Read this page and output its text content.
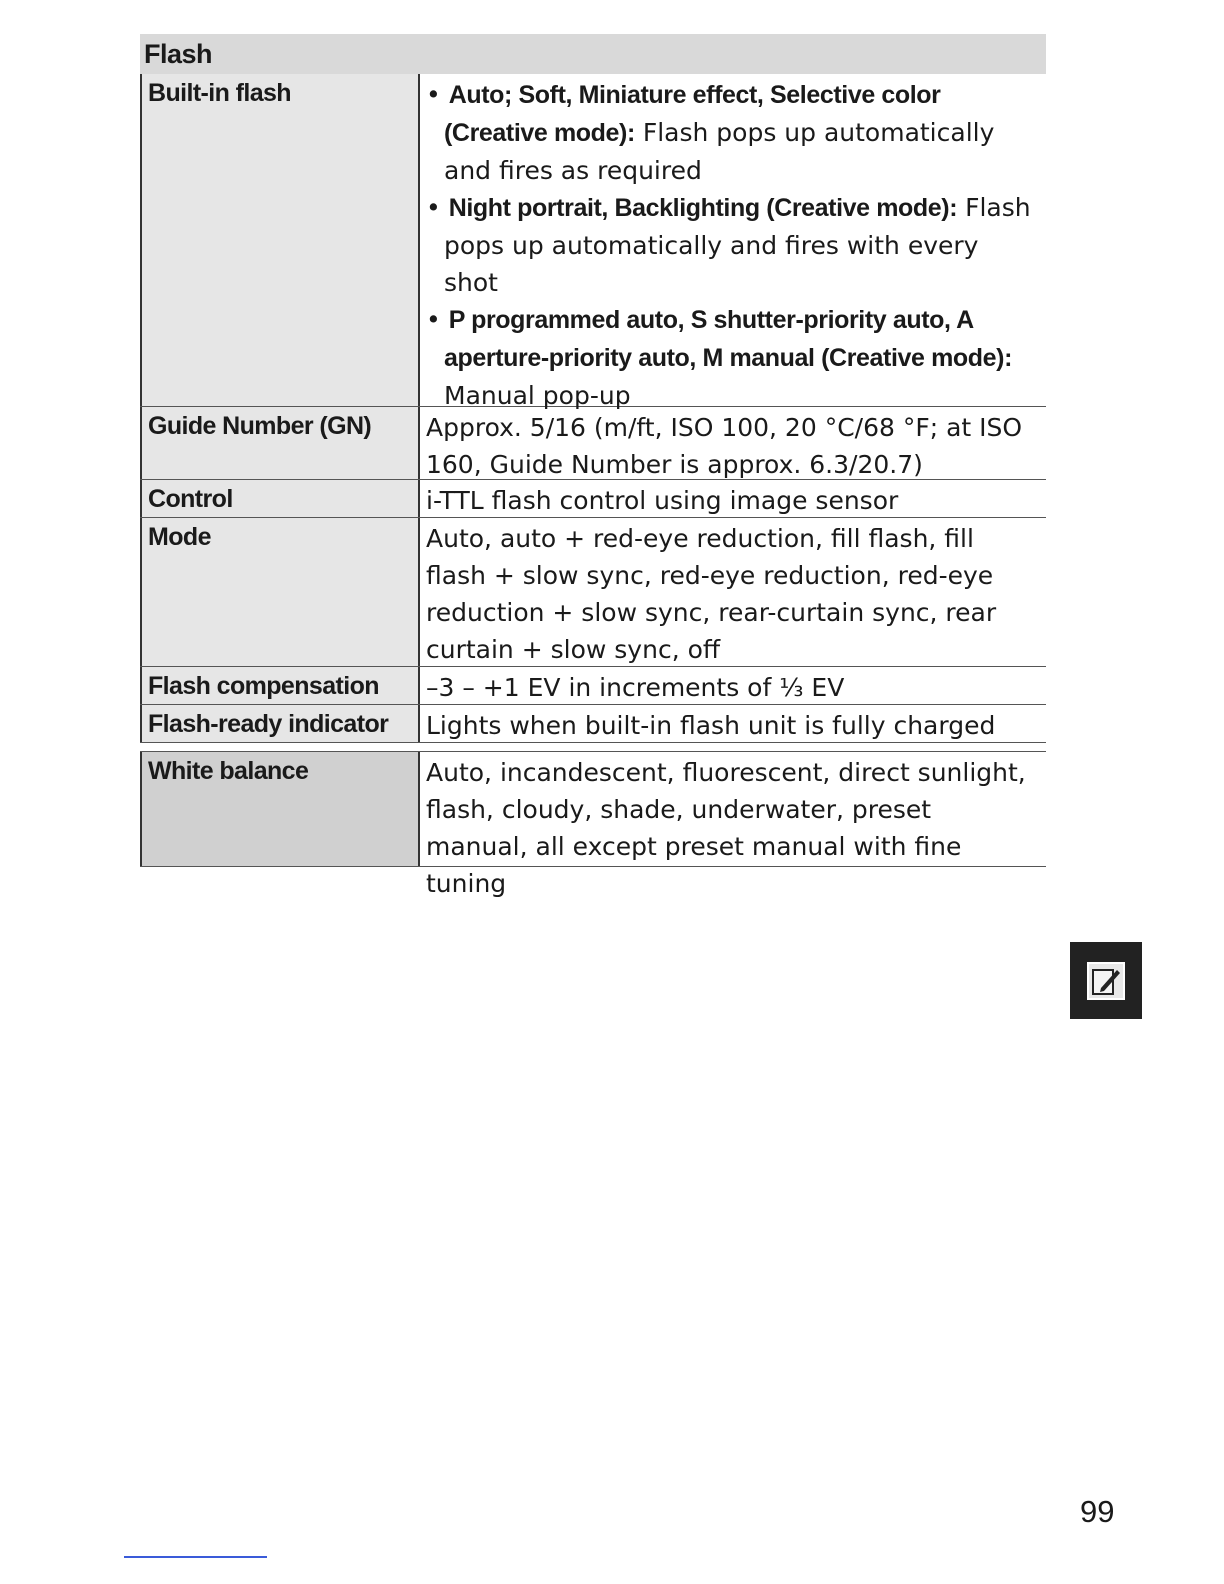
Flash
Built-in flash	• Auto; Soft, Miniature effect, Selective color (Creative mode): Flash pops up automatically and fires as required
• Night portrait, Backlighting (Creative mode): Flash pops up automatically and fires with every shot
• P programmed auto, S shutter-priority auto, A aperture-priority auto, M manual (Creative mode): Manual pop-up
Guide Number (GN)	Approx. 5/16 (m/ft, ISO 100, 20 °C/68 °F; at ISO 160, Guide Number is approx. 6.3/20.7)
Control	i-TTL flash control using image sensor
Mode	Auto, auto + red-eye reduction, fill flash, fill flash + slow sync, red-eye reduction, red-eye reduction + slow sync, rear-curtain sync, rear curtain + slow sync, off
Flash compensation	–3 – +1 EV in increments of ⅓ EV
Flash-ready indicator	Lights when built-in flash unit is fully charged
White balance	Auto, incandescent, fluorescent, direct sunlight, flash, cloudy, shade, underwater, preset manual, all except preset manual with fine tuning
99
